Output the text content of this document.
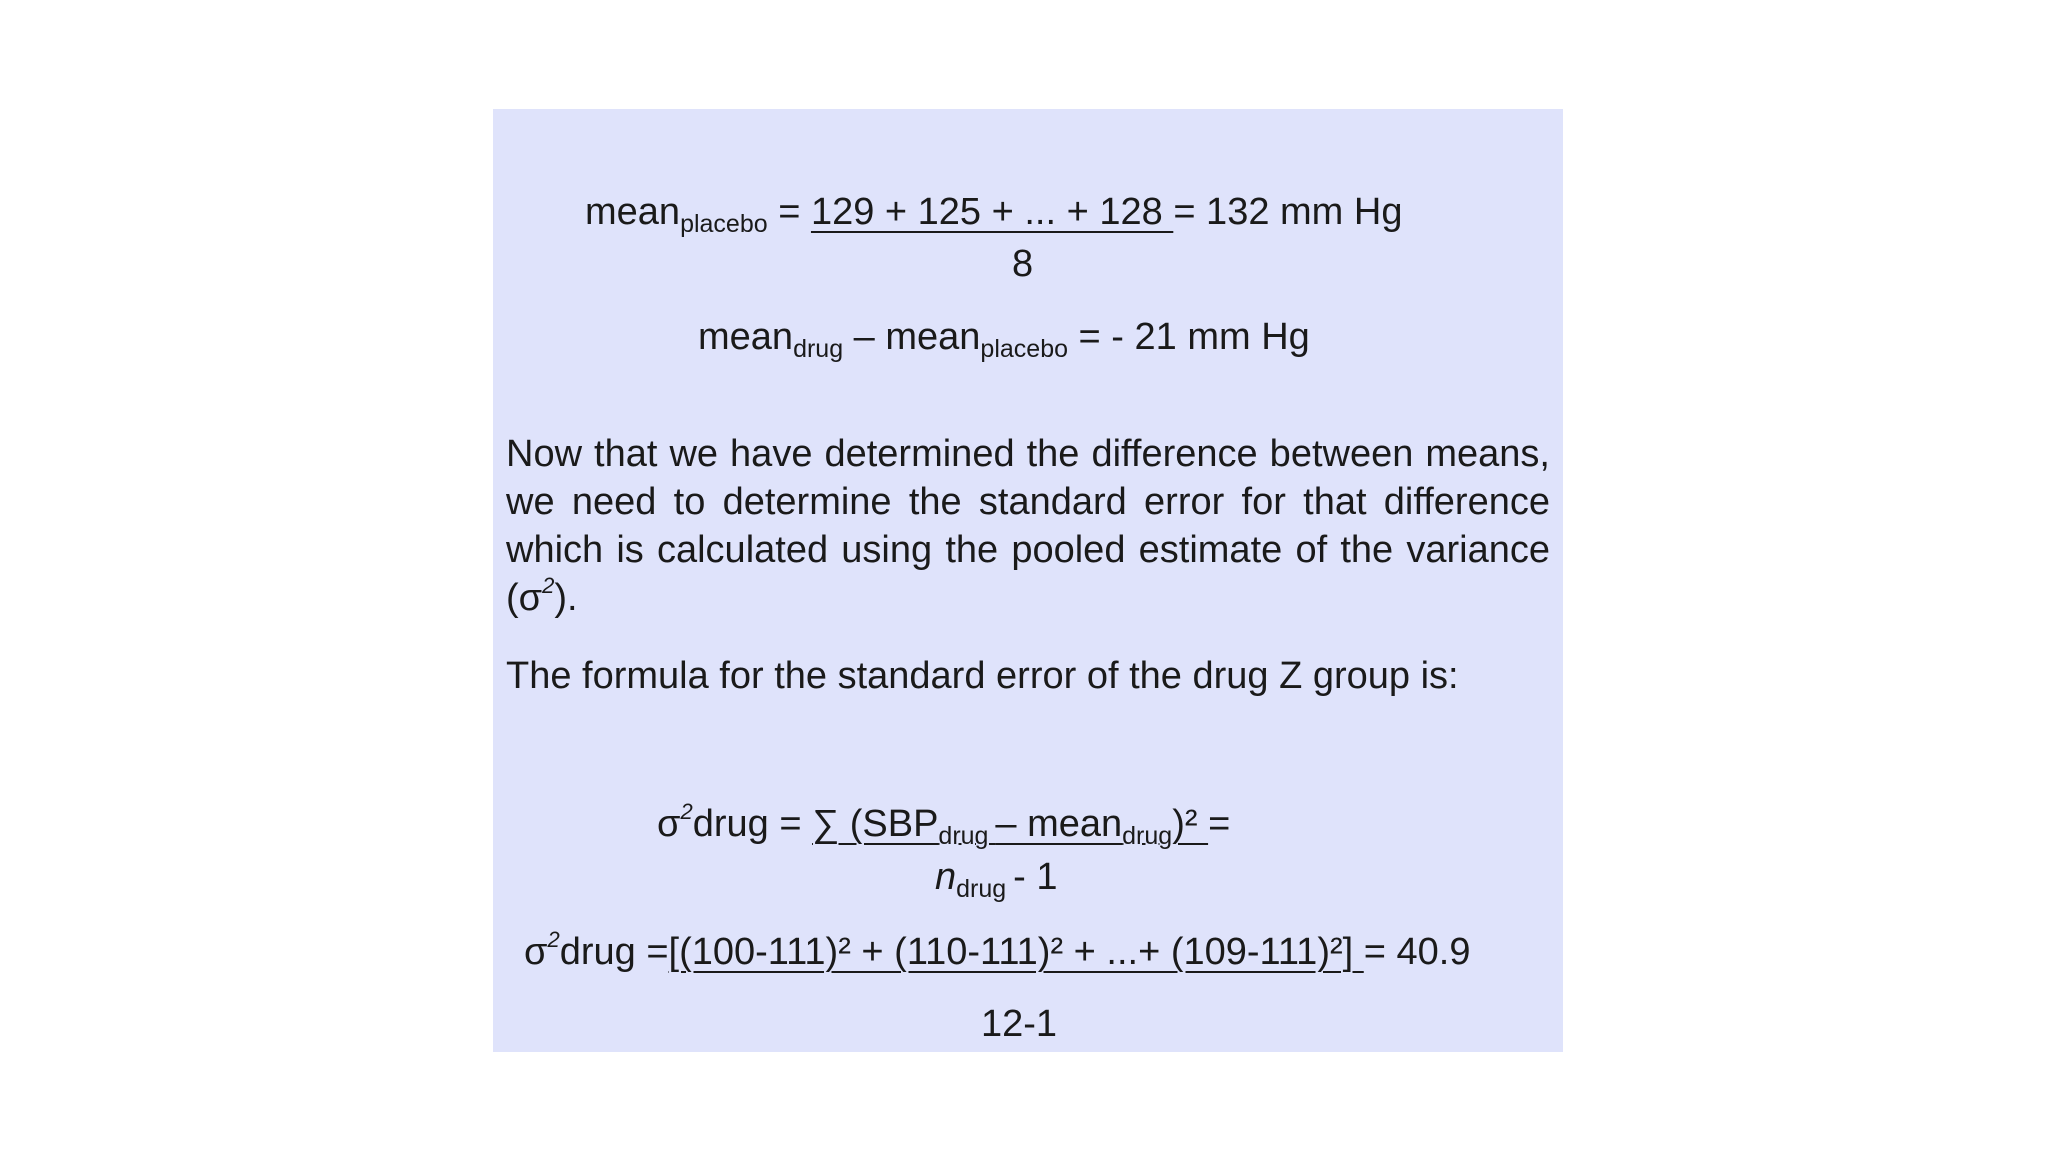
mean$_{placebo}$ = 129 + 125 + ... + 128 = 132 mm Hg
8
mean$_{drug}$ – mean$_{placebo}$ = - 21 mm Hg
Now that we have determined the difference between means, we need to determine the standard error for that difference which is calculated using the pooled estimate of the variance $(\sigma^2)$.
The formula for the standard error of the drug Z group is:
$\sigma^2drug$ = ∑ ($SBP_{drug}$ – mean$_{drug}$)² =
$n_{drug} - 1$
$\sigma^2drug =[(100-111)^2 + (110-111)^2$ + ...+ (109-111)²] = 40.9
12-1
